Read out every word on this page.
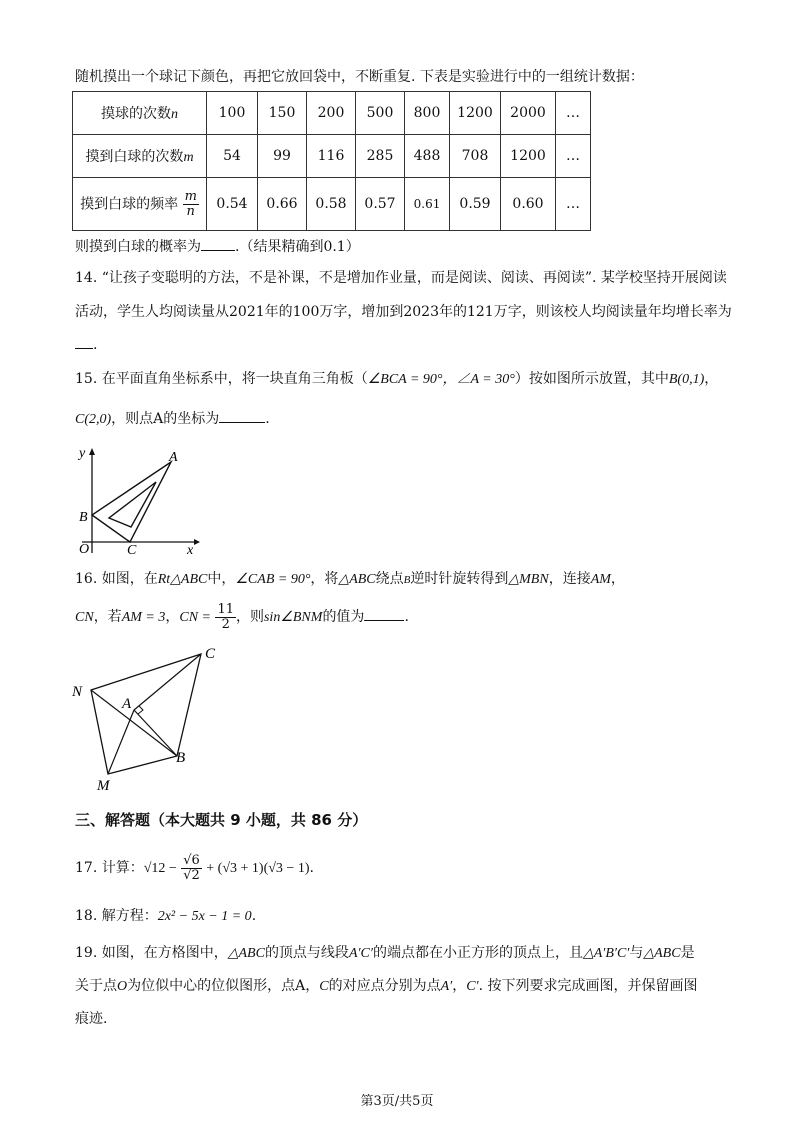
随机摸出一个球记下颜色，再把它放回袋中，不断重复. 下表是实验进行中的一组统计数据：
摸球的次数n	100	150	200	500	800	1200	2000	…
摸到白球的次数m	54	99	116	285	488	708	1200	…
摸到白球的频率 $\frac{m}{n}$	0.54	0.66	0.58	0.57	0.61	0.59	0.60	…
则摸到白球的概率为 .（结果精确到0.1）
14. “让孩子变聪明的方法，不是补课，不是增加作业量，而是阅读、阅读、再阅读”. 某学校坚持开展阅读
活动，学生人均阅读量从2021年的100万字，增加到2023年的121万字，则该校人均阅读量年均增长率为
.
15. 在平面直角坐标系中，将一块直角三角板（∠BCA = 90°，∠A = 30°）按如图所示放置，其中B(0,1)，
C(2,0)，则点A的坐标为	.
y	A
B
O	C	x
16. 如图，在Rt△ABC中，∠CAB = 90°，将△ABC绕点B逆时针旋转得到△MBN，连接AM，
CN，若AM = 3，CN = $\frac{11}{2}$ ，则sin∠BNM的值为	.
C
N
A
B
M
三、解答题（本大题共 9 小题，共 86 分）
17. 计算：$√12 - \frac{√6}{√2} + (√3 + 1)(√3 - 1)$.
18. 解方程：2x² − 5x − 1 = 0.
19. 如图，在方格图中，△ABC的顶点与线段A′C′的端点都在小正方形的顶点上，且△A′B′C′与△ABC是
关于点O为位似中心的位似图形，点A，C的对应点分别为点A′，C′. 按下列要求完成画图，并保留画图
痕迹.
第3页/共5页
